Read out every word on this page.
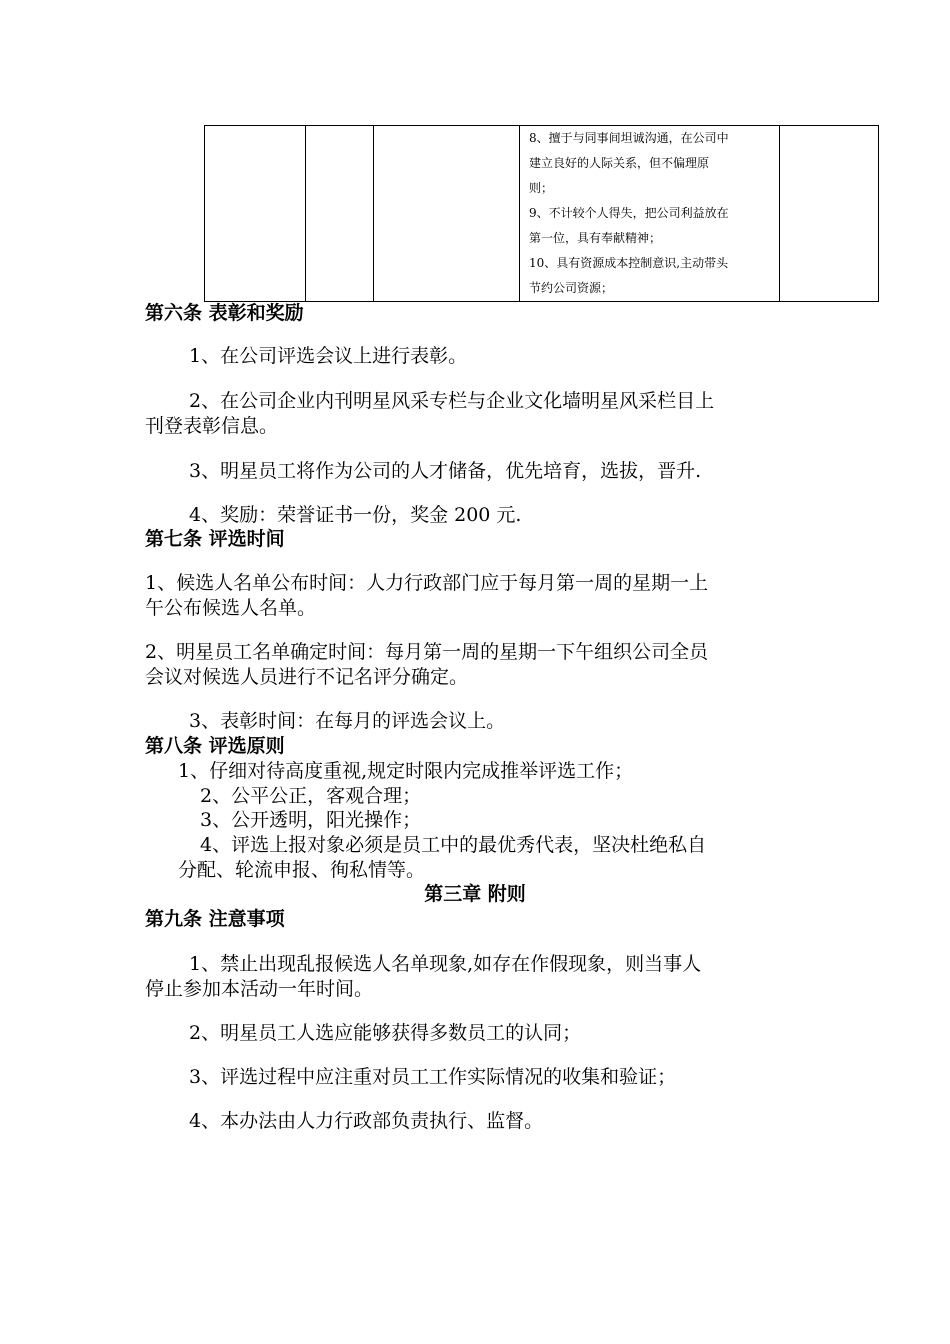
8、擅于与同事间坦诚沟通，在公司中
建立良好的人际关系，但不偏理原
则；
9、不计较个人得失，把公司利益放在
第一位，具有奉献精神；
10、具有资源成本控制意识,主动带头
节约公司资源；

第六条 表彰和奖励
1、在公司评选会议上进行表彰。
2、在公司企业内刊明星风采专栏与企业文化墙明星风采栏目上
刊登表彰信息。
3、明星员工将作为公司的人才储备，优先培育，选拔，晋升.
4、奖励：荣誉证书一份，奖金 200 元.
第七条 评选时间
1、候选人名单公布时间：人力行政部门应于每月第一周的星期一上
午公布候选人名单。
2、明星员工名单确定时间：每月第一周的星期一下午组织公司全员
会议对候选人员进行不记名评分确定。
3、表彰时间：在每月的评选会议上。
第八条 评选原则
1、仔细对待高度重视,规定时限内完成推举评选工作；
2、公平公正，客观合理；
3、公开透明，阳光操作；
4、评选上报对象必须是员工中的最优秀代表，坚决杜绝私自
分配、轮流申报、徇私情等。
第三章 附则
第九条 注意事项
1、禁止出现乱报候选人名单现象,如存在作假现象，则当事人
停止参加本活动一年时间。
2、明星员工人选应能够获得多数员工的认同；
3、评选过程中应注重对员工工作实际情况的收集和验证；
4、本办法由人力行政部负责执行、监督。
